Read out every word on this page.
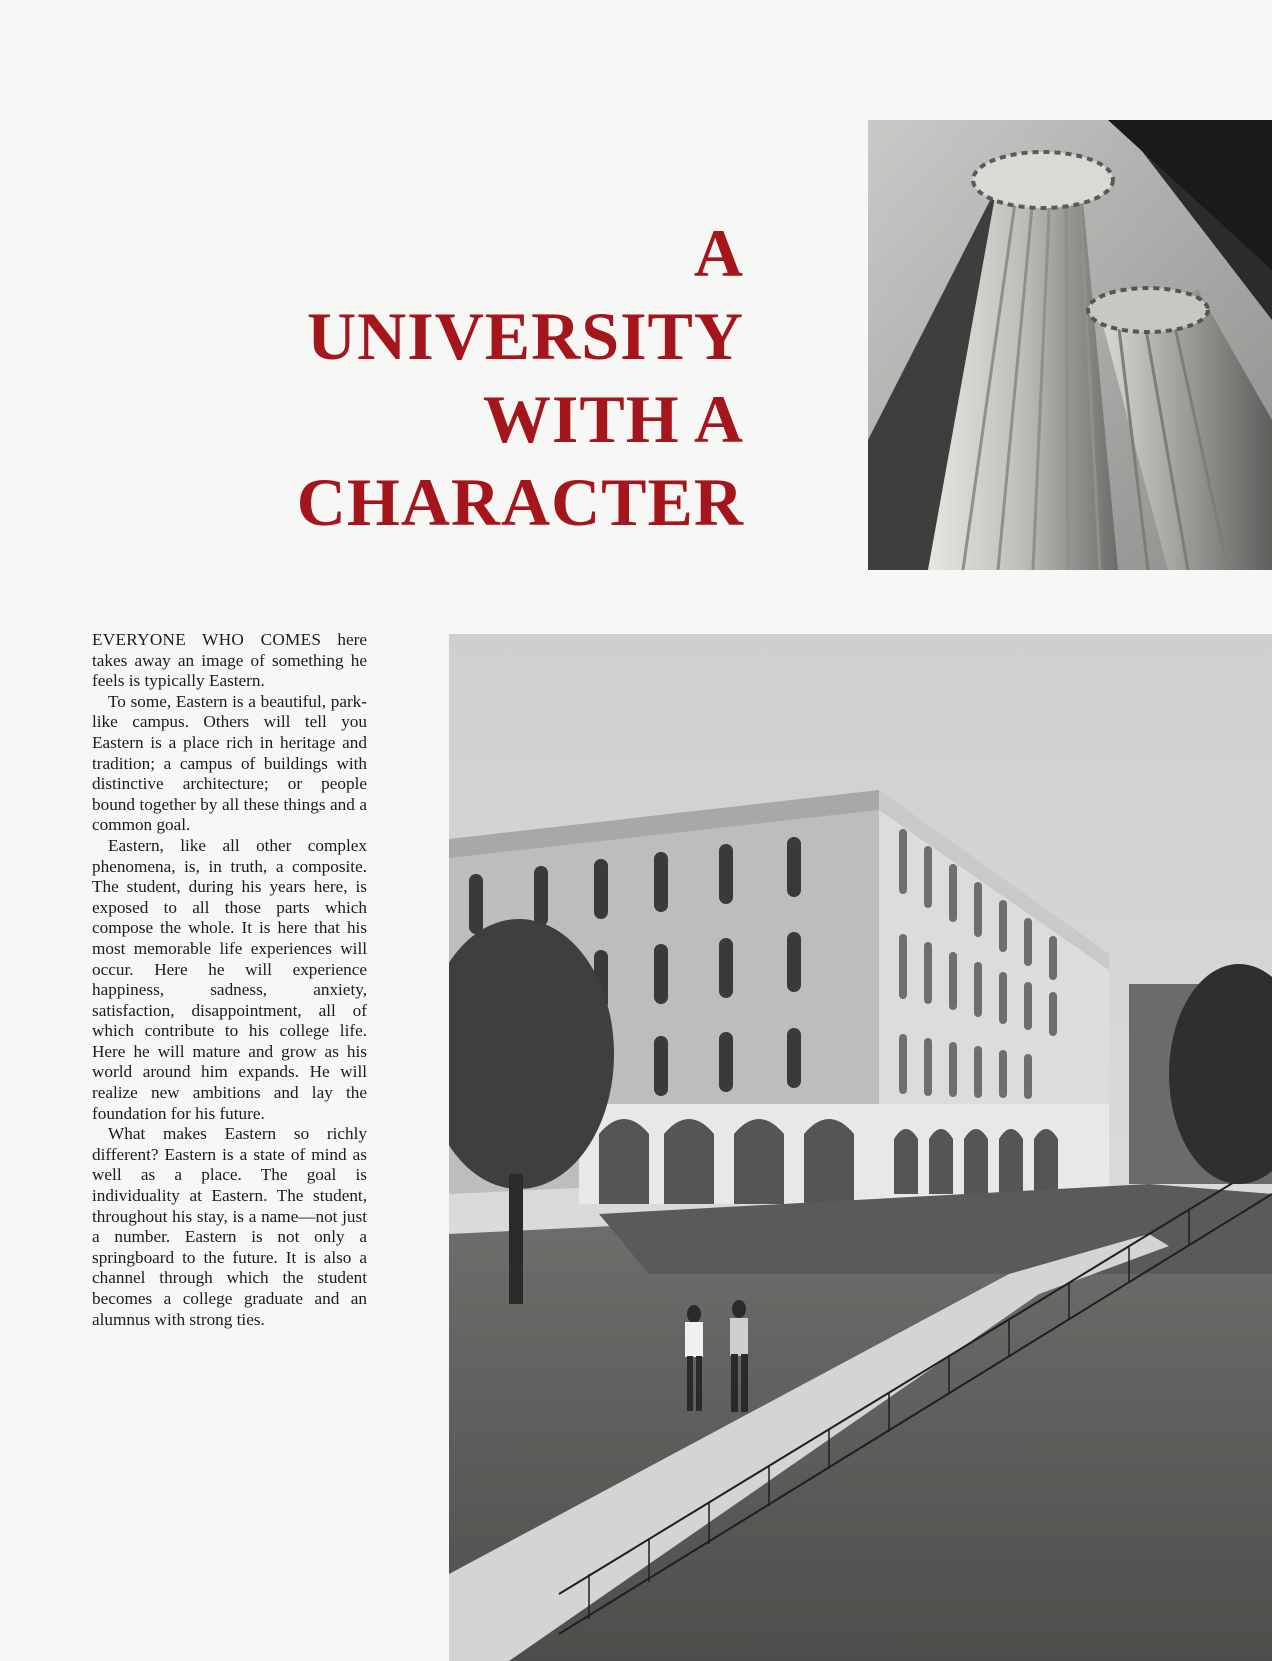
A
UNIVERSITY
WITH A
CHARACTER

EVERYONE WHO COMES here takes away an image of something he feels is typically Eastern.

To some, Eastern is a beautiful, park-like campus. Others will tell you Eastern is a place rich in heritage and tradition; a campus of buildings with distinctive architecture; or people bound together by all these things and a common goal.

Eastern, like all other complex phenomena, is, in truth, a composite. The student, during his years here, is exposed to all those parts which compose the whole. It is here that his most memorable life experiences will occur. Here he will experience happiness, sadness, anxiety, satisfaction, disappointment, all of which contribute to his college life. Here he will mature and grow as his world around him expands. He will realize new ambitions and lay the foundation for his future.

What makes Eastern so richly different? Eastern is a state of mind as well as a place. The goal is individuality at Eastern. The student, throughout his stay, is a name—not just a number. Eastern is not only a springboard to the future. It is also a channel through which the student becomes a college graduate and an alumnus with strong ties.
